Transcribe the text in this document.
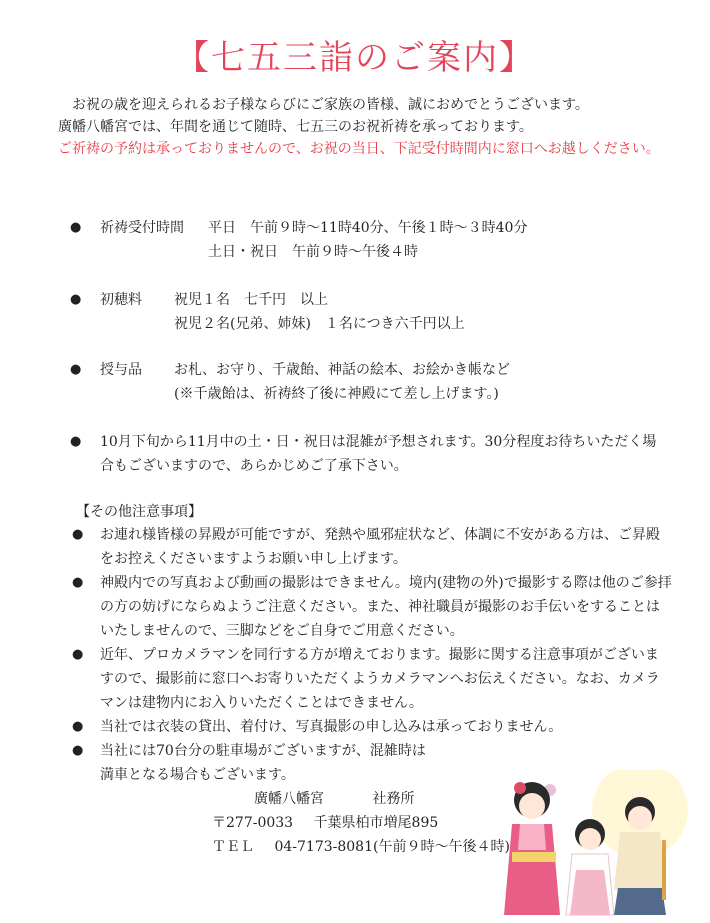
【七五三詣のご案内】

お祝の歳を迎えられるお子様ならびにご家族の皆様、誠におめでとうございます。

廣幡八幡宮では、年間を通じて随時、七五三のお祝祈祷を承っております。

ご祈祷の予約は承っておりませんので、お祝の当日、下記受付時間内に窓口へお越しください。

● 祈祷受付時間	平日　午前９時～11時40分、午後１時～３時40分
土日・祝日　午前９時～午後４時
● 初穂料	祝児１名　七千円　以上
祝児２名(兄弟、姉妹)　１名につき六千円以上
● 授与品	お札、お守り、千歳飴、神話の絵本、お絵かき帳など
(※千歳飴は、祈祷終了後に神殿にて差し上げます。)
● 10月下旬から11月中の土・日・祝日は混雑が予想されます。30分程度お待ちいただく場合もございますので、あらかじめご了承下さい。
【その他注意事項】
● お連れ様皆様の昇殿が可能ですが、発熱や風邪症状など、体調に不安がある方は、ご昇殿をお控えくださいますようお願い申し上げます。
● 神殿内での写真および動画の撮影はできません。境内(建物の外)で撮影する際は他のご参拝の方の妨げにならぬようご注意ください。また、神社職員が撮影のお手伝いをすることはいたしませんので、三脚などをご自身でご用意ください。
● 近年、プロカメラマンを同行する方が増えております。撮影に関する注意事項がございますので、撮影前に窓口へお寄りいただくようカメラマンへお伝えください。なお、カメラマンは建物内にお入りいただくことはできません。
● 当社では衣装の貸出、着付け、写真撮影の申し込みは承っておりません。
● 当社には70台分の駐車場がございますが、混雑時は満車となる場合もございます。
廣幡八幡宮	社務所
〒277-0033 千葉県柏市増尾895
ＴＥＬ 04-7173-8081(午前９時～午後４時)
